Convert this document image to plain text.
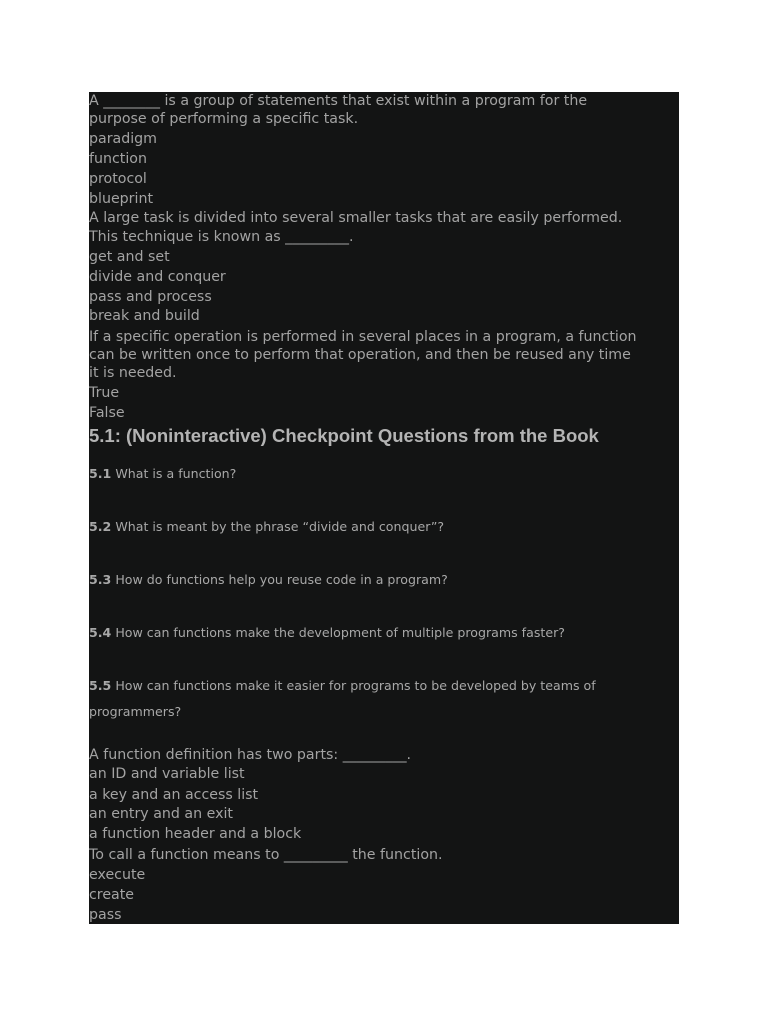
A ________ is a group of statements that exist within a program for the

purpose of performing a specific task.

paradigm

function

protocol

blueprint

A large task is divided into several smaller tasks that are easily performed.

This technique is known as _________.

get and set

divide and conquer

pass and process

break and build

If a specific operation is performed in several places in a program, a function

can be written once to perform that operation, and then be reused any time

it is needed.

True

False

5.1: (Noninteractive) Checkpoint Questions from the Book

5.1 What is a function?

5.2 What is meant by the phrase “divide and conquer”?

5.3 How do functions help you reuse code in a program?

5.4 How can functions make the development of multiple programs faster?

5.5 How can functions make it easier for programs to be developed by teams of

programmers?

A function definition has two parts: _________.

an ID and variable list

a key and an access list

an entry and an exit

a function header and a block

To call a function means to _________ the function.

execute

create

pass
